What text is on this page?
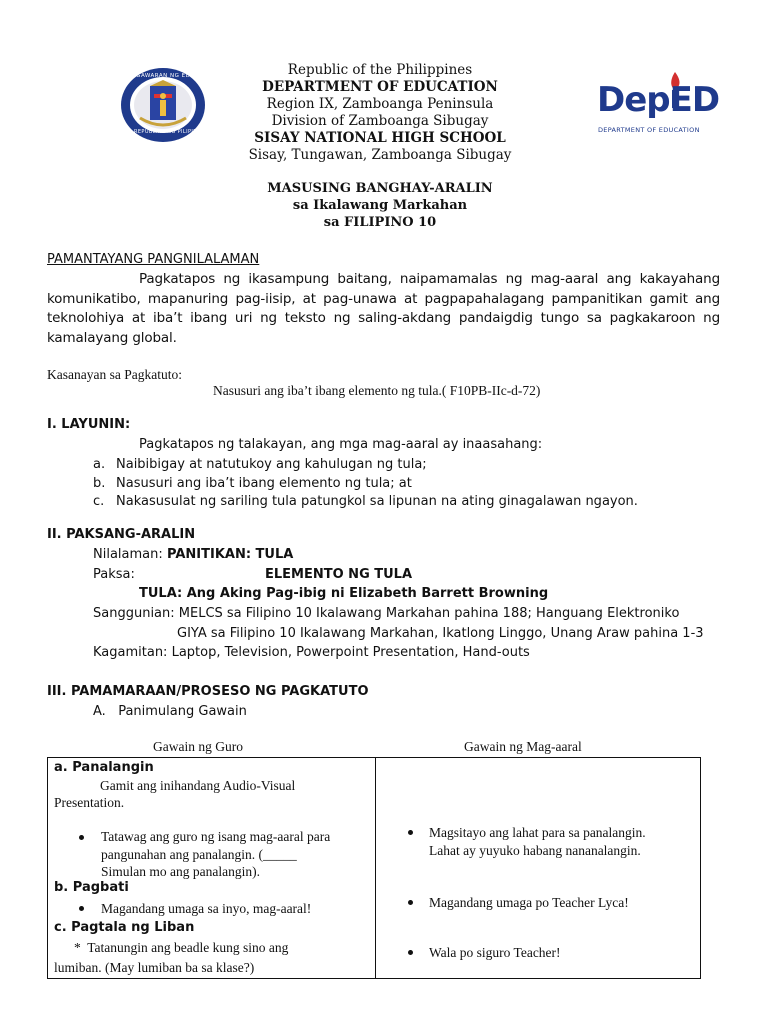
KAGAWARAN NG EDUKASYON
REPUBLIKA NG PILIPINAS
DepED
DEPARTMENT OF EDUCATION
Republic of the Philippines
DEPARTMENT OF EDUCATION
Region IX, Zamboanga Peninsula
Division of Zamboanga Sibugay
SISAY NATIONAL HIGH SCHOOL
Sisay, Tungawan, Zamboanga Sibugay
MASUSING BANGHAY-ARALIN
sa Ikalawang Markahan
sa FILIPINO 10
PAMANTAYANG PANGNILALAMAN
Pagkatapos ng ikasampung baitang, naipamamalas ng mag-aaral ang kakayahang komunikatibo, mapanuring pag-iisip, at pag-unawa at pagpapahalagang pampanitikan gamit ang teknolohiya at iba’t ibang uri ng teksto ng saling-akdang pandaigdig tungo sa pagkakaroon ng kamalayang global.
Kasanayan sa Pagkatuto:
Nasusuri ang iba’t ibang elemento ng tula.( F10PB-IIc-d-72)
I. LAYUNIN:
Pagkatapos ng talakayan, ang mga mag-aaral ay inaasahang:
a. Naibibigay at natutukoy ang kahulugan ng tula;
b. Nasusuri ang iba’t ibang elemento ng tula; at
c. Nakasusulat ng sariling tula patungkol sa lipunan na ating ginagalawan ngayon.
II. PAKSANG-ARALIN
Nilalaman: PANITIKAN: TULA
Paksa:	ELEMENTO NG TULA
TULA: Ang Aking Pag-ibig ni Elizabeth Barrett Browning
Sanggunian: MELCS sa Filipino 10 Ikalawang Markahan pahina 188; Hanguang Elektroniko
GIYA sa Filipino 10 Ikalawang Markahan, Ikatlong Linggo, Unang Araw pahina 1-3
Kagamitan: Laptop, Television, Powerpoint Presentation, Hand-outs
III. PAMAMARAAN/PROSESO NG PAGKATUTO
A.   Panimulang Gawain
Gawain ng Guro	Gawain ng Mag-aaral
a. Panalangin
Gamit ang inihandang Audio-Visual
Presentation.
Tatawag ang guro ng isang mag-aaral para
pangunahan ang panalangin. (_____
Simulan mo ang panalangin).
b. Pagbati
Magandang umaga sa inyo, mag-aaral!
c. Pagtala ng Liban
*  Tatanungin ang beadle kung sino ang
lumiban. (May lumiban ba sa klase?)
Magsitayo ang lahat para sa panalangin.
Lahat ay yuyuko habang nananalangin.
Magandang umaga po Teacher Lyca!
Wala po siguro Teacher!
